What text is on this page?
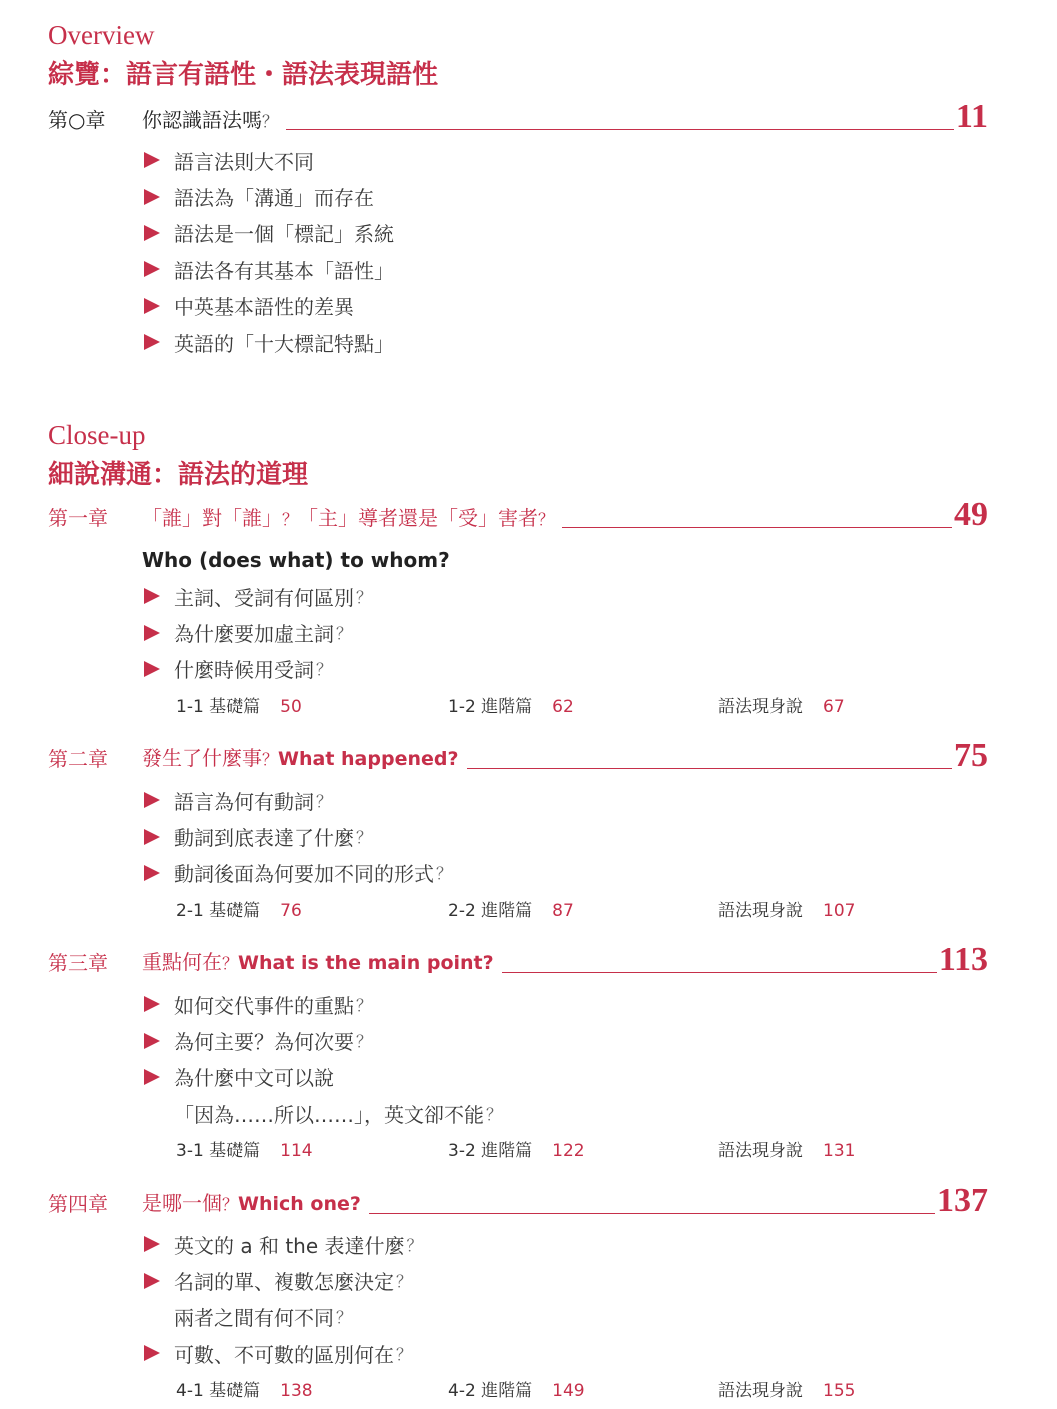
Overview
綜覽：語言有語性・語法表現語性
第○章	你認識語法嗎？	11
語言法則大不同
語法為「溝通」而存在
語法是一個「標記」系統
語法各有其基本「語性」
中英基本語性的差異
英語的「十大標記特點」
Close-up
細說溝通：語法的道理
第一章	「誰」對「誰」？「主」導者還是「受」害者？	49
Who (does what) to whom?
主詞、受詞有何區別 ？
為什麼要加虛主詞 ？
什麼時候用受詞 ？
1-1 基礎篇 50	1-2 進階篇 62	語法現身說 67
第二章	發生了什麼事？What happened?	75
語言為何有動詞 ？
動詞到底表達了什麼 ？
動詞後面為何要加不同的形式 ？
2-1 基礎篇 76	2-2 進階篇 87	語法現身說 107
第三章	重點何在？What is the main point?	113
如何交代事件的重點 ？
為何主要？為何次要 ？
為什麼中文可以說
「因為……所以……」，英文卻不能 ？
3-1 基礎篇 114	3-2 進階篇 122	語法現身說 131
第四章	是哪一個？Which one?	137
英文的 a 和 the 表達什麼 ？
名詞的單、複數怎麼決定 ？
兩者之間有何不同 ？
可數、不可數的區別何在 ？
4-1 基礎篇 138	4-2 進階篇 149	語法現身說 155
